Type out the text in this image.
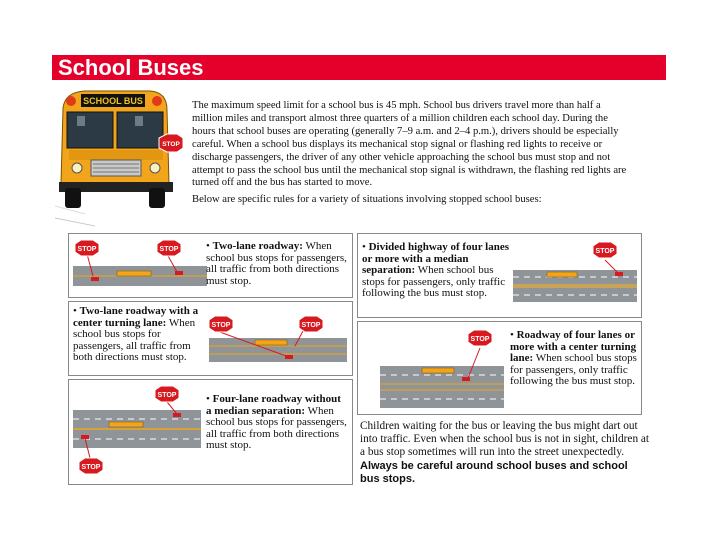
School Buses
SCHOOL BUS
STOP

The maximum speed limit for a school bus is 45 mph. School bus drivers travel more than half a million miles and transport almost three quarters of a million children each school day. During the hours that school buses are operating (generally 7–9 a.m. and 2–4 p.m.), drivers should be especially careful. When a school bus displays its mechanical stop signal or flashing red lights to receive or discharge passengers, the driver of any other vehicle approaching the school bus must stop and not attempt to pass the school bus until the mechanical stop signal is withdrawn, the flashing red lights are turned off and the bus has started to move.

Below are specific rules for a variety of situations involving stopped school buses:

STOP	STOP	• Two-lane roadway: When school bus stops for passengers, all traffic from both directions must stop.
• Two-lane roadway with a center turning lane: When school bus stops for passengers, all traffic from both directions must stop.
STOP	STOP
STOP
STOP
• Four-lane roadway without a median separation: When school bus stops for passengers, all traffic from both directions must stop.
• Divided highway of four lanes or more with a median separation: When school bus stops for passengers, only traffic following the bus must stop.
STOP
STOP • Roadway of four lanes or more with a center turning lane: When school bus stops for passengers, only traffic following the bus must stop.
Children waiting for the bus or leaving the bus might dart out into traffic. Even when the school bus is not in sight, children at a bus stop sometimes will run into the street unexpectedly. Always be careful around school buses and school bus stops.
